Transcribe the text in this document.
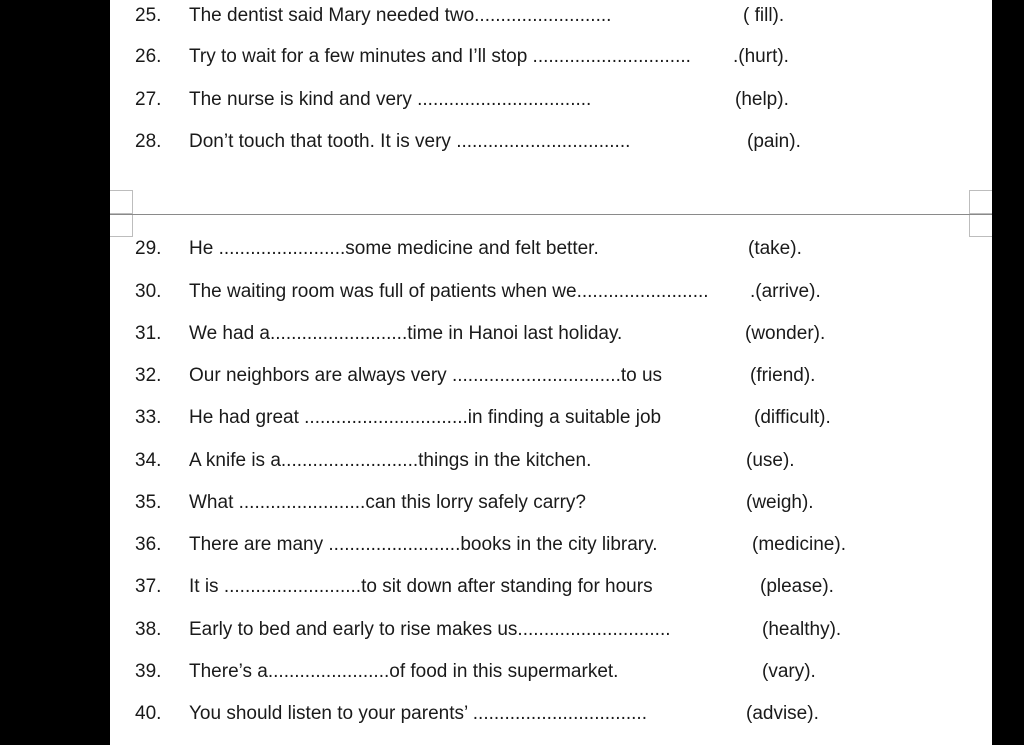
25. The dentist said Mary needed two..........................	( fill).
26. Try to wait for a few minutes and I’ll stop .............................. .(hurt).
27. The nurse is kind and very .................................	(help).
28. Don’t touch that tooth. It is very .................................	(pain).
29. He ........................some medicine and felt better.	(take).
30. The waiting room was full of patients when we......................... .(arrive).
31. We had a..........................time in Hanoi last holiday.	(wonder).
32. Our neighbors are always very ................................to us	(friend).
33. He had great ...............................in finding a suitable job	(difficult).
34. A knife is a..........................things in the kitchen.	(use).
35. What ........................can this lorry safely carry?	(weigh).
36. There are many .........................books in the city library.	(medicine).
37. It is ..........................to sit down after standing for hours	(please).
38. Early to bed and early to rise makes us.............................	(healthy).
39. There’s a.......................of food in this supermarket.	(vary).
40. You should listen to your parents’ .................................	(advise).
